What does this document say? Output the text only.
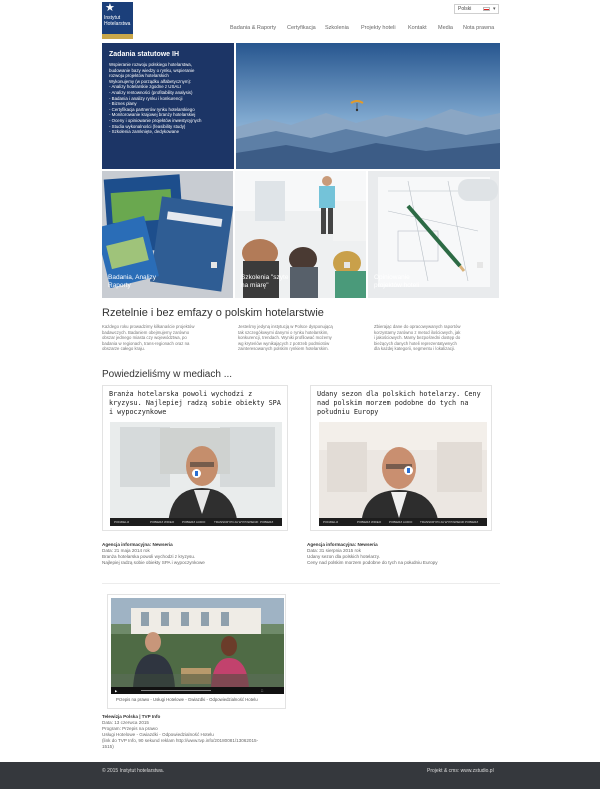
★
Instytut
Hotelarstwa
Polski	▾
Badania & Raporty Certyfikacja Szkolenia Projekty hoteli Kontakt Media Nota prawna
Zadania statutowe IH
Wspieranie rozwoju polskiego hotelarstwa,
budowanie bazy wiedzy o rynku, wspieranie
rozwoju projektów hotelarskich
Wykonujemy (w porządku alfabetycznym):
- Analizy hotelarskie zgodne z USALI
- Analizy rentowności (profitability analysis)
- Badania i analizy rynku i konkurencji
- Biznes plany
- Certyfikacja partnerów rynku hotelarskiego
- Monitorowanie krajowej branży hotelarskiej
- Oceny i opiniowanie projektów inwestycyjnych
- Studia wykonalności (feasibility study)
- Szkolenia zamknięte, dedykowane
Badania, Analizy
Raporty
Szkolenia "szyte
na miarę"
Opiniowanie
projektów hoteli
Rzetelnie i bez emfazy o polskim hotelarstwie
Każdego roku prowadzimy kilkanaście projektów
badawczych. Badaniem obejmujemy zarówno
obszar jednego miasta czy województwa, po
badania w regionach, trans-regionach oraz na
obszarze całego kraju.
Jesteśmy jedyną instytucją w Polsce dysponującą
tak szczegółowymi danymi o rynku hotelarskim,
konkurencji, trendach. Wyniki profilować możemy
wg kryteriów wynikających z potrzeb podmiotów
zainteresowanych polskim rynkiem hotelarskim.
Zbierając dane do opracowywanych raportów
korzystamy zarówno z metod ilościowych, jak
i jakościowych. Mamy bezpośredni dostęp do
bieżących danych hoteli reprezentatywnych
dla każdej kategorii, segmentu i lokalizacji.
Powiedzieliśmy w mediach ...
Branża hotelarska powoli wychodzi z
kryzysu. Najlepiej radzą sobie obiekty SPA
i wypoczynkowe
PODZIELIJ	POBIERZ WIDEO	POBIERZ AUDIO	TRANSKRYPCJA WYPOWIEDZI POBIERZ
Agencja informacyjna: Newseria
Data: 21 maja 2014 rok
Branża hotelarska powoli wychodzi z kryzysu.
Najlepiej radzą sobie obiekty SPA i wypoczynkowe
Udany sezon dla polskich hotelarzy. Ceny
nad polskim morzem podobne do tych na
południu Europy
PODZIELIJ	POBIERZ WIDEO	POBIERZ AUDIO	TRANSKRYPCJA WYPOWIEDZI POBIERZ
Agencja informacyjna: Newseria
Data: 31 sierpnia 2015 rok
Udany sezon dla polskich hotelarzy.
Ceny nad polskim morzem podobne do tych na południu Europy
▶	⛶
Przepis na prawo - Usługi Hotelowe - Gwiazdki - Odpowiedzialność Hotelu
Telewizja Polska | TVP Info
Data: 13 czerwca 2015
Program: Przepis na prawo
Usługi Hotelowe - Gwiazdki - Odpowiedzialność Hotelu
(link do TVP Info, 90 sekund reklam http://www.tvp.info/20180081/13062015-
1515)
© 2015 Instytut hotelarstwa.	Projekt & cms: www.zstudio.pl
